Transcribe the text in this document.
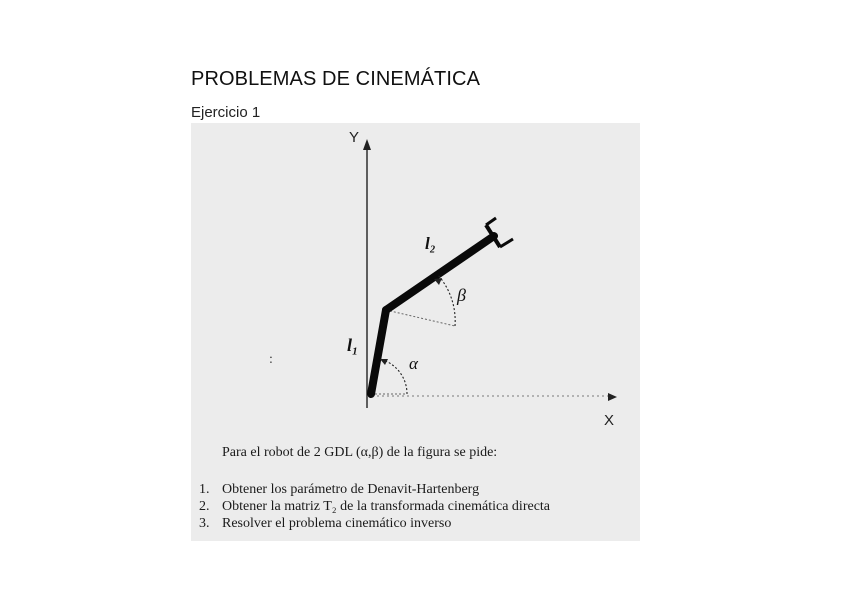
PROBLEMAS DE CINEMÁTICA
Ejercicio 1
Y
X
l₂
l₁
β
α
:
Para el robot de 2 GDL (α,β) de la figura se pide:
1. Obtener los parámetro de Denavit-Hartenberg
2. Obtener la matriz T₂ de la transformada cinemática directa
3. Resolver el problema cinemático inverso
